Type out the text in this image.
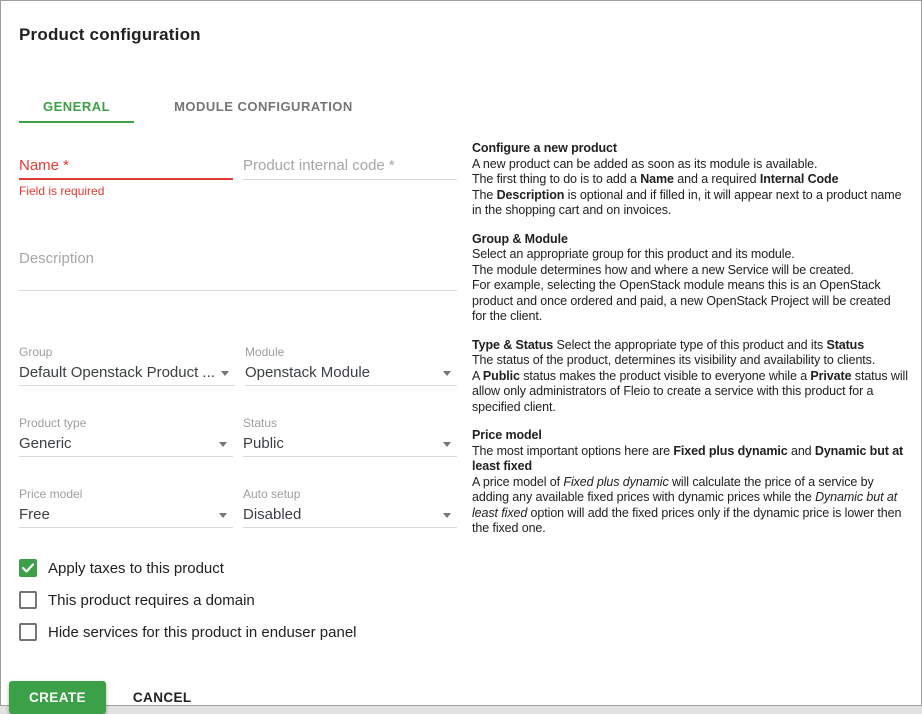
Product configuration
GENERAL	MODULE CONFIGURATION
Name *
Field is required
Product internal code *
Description
Group
Default Openstack Product ...
Module
Openstack Module
Product type
Generic
Status
Public
Price model
Free
Auto setup
Disabled
Apply taxes to this product
This product requires a domain
Hide services for this product in enduser panel
CREATE	CANCEL
Configure a new product
A new product can be added as soon as its module is available.
The first thing to do is to add a Name and a required Internal Code
The Description is optional and if filled in, it will appear next to a product name in the shopping cart and on invoices.
Group & Module
Select an appropriate group for this product and its module.
The module determines how and where a new Service will be created.
For example, selecting the OpenStack module means this is an OpenStack product and once ordered and paid, a new OpenStack Project will be created for the client.
Type & Status Select the appropriate type of this product and its Status
The status of the product, determines its visibility and availability to clients.
A Public status makes the product visible to everyone while a Private status will allow only administrators of Fleio to create a service with this product for a specified client.
Price model
The most important options here are Fixed plus dynamic and Dynamic but at least fixed
A price model of Fixed plus dynamic will calculate the price of a service by adding any available fixed prices with dynamic prices while the Dynamic but at least fixed option will add the fixed prices only if the dynamic price is lower then the fixed one.
